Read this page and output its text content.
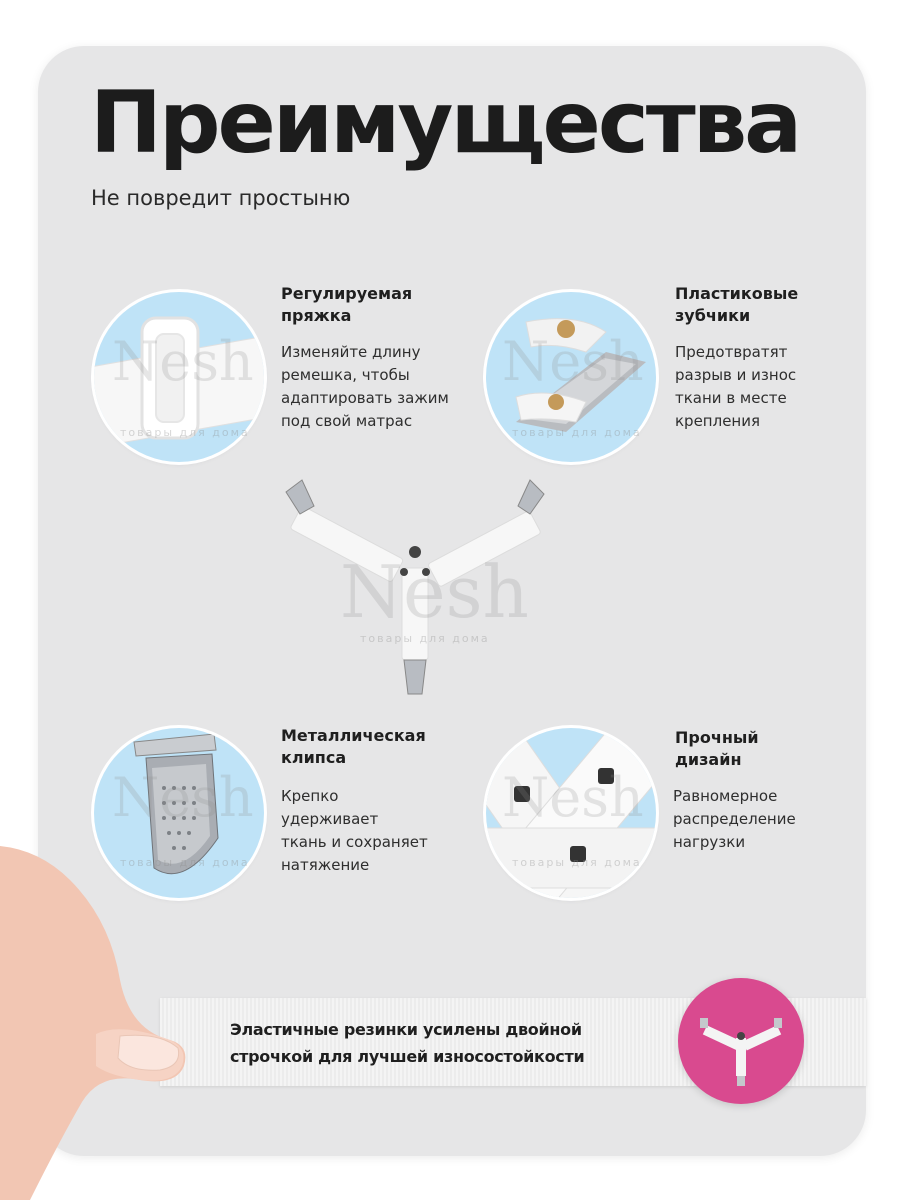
Преимущества
Не повредит простыню
Nesh
товары для дома
Регулируемая
пряжка
Изменяйте длину
ремешка, чтобы
адаптировать зажим
под свой матрас
Nesh
товары для дома
Пластиковые
зубчики
Предотвратят
разрыв и износ
ткани в месте
крепления
Nesh
товары для дома
Nesh
товары для дома
Металлическая
клипса
Крепко
удерживает
ткань и сохраняет
натяжение
Nesh
товары для дома
Прочный
дизайн
Равномерное
распределение
нагрузки
Эластичные резинки усилены двойной
строчкой для лучшей износостойкости
